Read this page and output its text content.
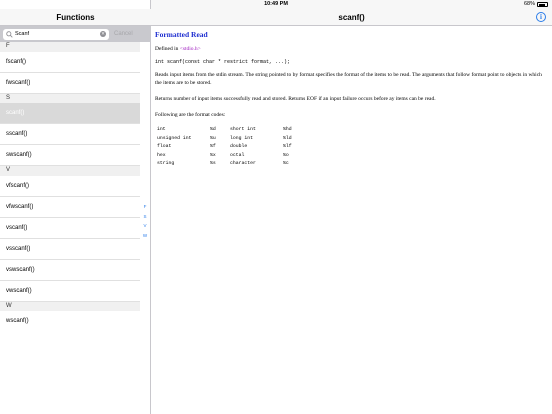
10:49 PM	68%
Functions
Scanf
✕ Cancel
F
fscanf()
fwscanf()
S
scanf()
sscanf()
swscanf()
V
vfscanf()
vfwscanf()
vscanf()
vsscanf()
vswscanf()
vwscanf()
W
wscanf()
F
S
V
W
scanf()	i
Formatted Read
Defined in <stdio.h>
int scanf(const char * restrict format, ...);
Reads input items from the stdin stream. The string pointed to by format specifies the format of the items to be read. The arguments that follow format point to objects in which the items are to be stored.
Returns number of input items successfully read and stored. Returns EOF if an input failure occurs before ay items can be read.
Following are the format codes:
int	%d	short int	%hd
unsigned int	%u	long int	%ld
float	%f	double	%lf
hex	%x	octal	%o
string	%s	character	%c
